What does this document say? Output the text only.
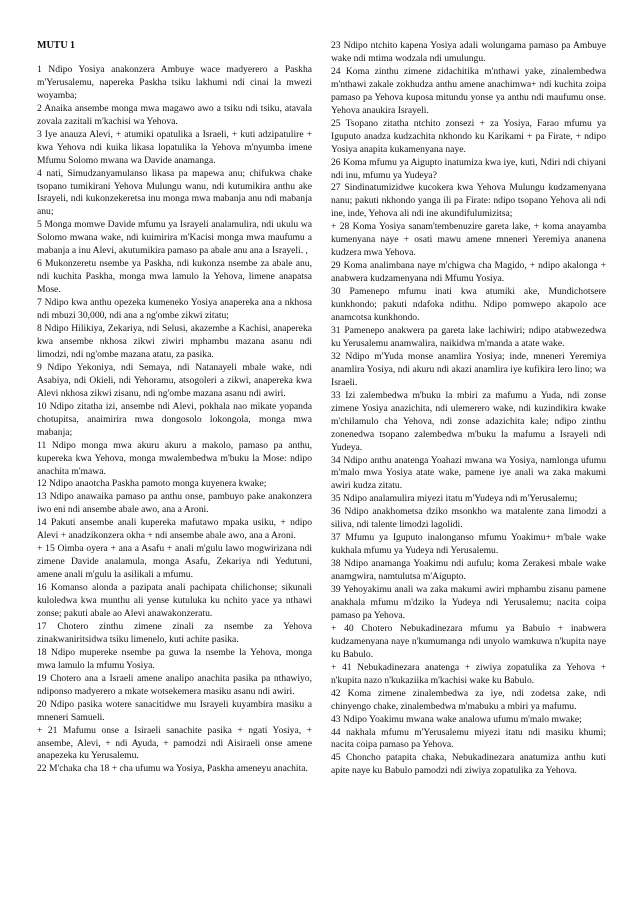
MUTU 1

1 Ndipo Yosiya anakonzera Ambuye wace madyerero a Paskha m'Yerusalemu, napereka Paskha tsiku lakhumi ndi cinai la mwezi woyamba;

2 Anaika ansembe monga mwa magawo awo a tsiku ndi tsiku, atavala zovala zazitali m'kachisi wa Yehova.

3 Iye anauza Alevi, + atumiki opatulika a Israeli, + kuti adzipatulire + kwa Yehova ndi kuika likasa lopatulika la Yehova m'nyumba imene Mfumu Solomo mwana wa Davide anamanga.

4 nati, Simudzanyamulanso likasa pa mapewa anu; chifukwa chake tsopano tumikirani Yehova Mulungu wanu, ndi kutumikira anthu ake Israyeli, ndi kukonzekeretsa inu monga mwa mabanja anu ndi mabanja anu;

5 Monga momwe Davide mfumu ya Israyeli analamulira, ndi ukulu wa Solomo mwana wake, ndi kuimirira m'Kacisi monga mwa maufumu a mabanja a inu Alevi, akutumikira pamaso pa abale anu ana a Israyeli. ,

6 Mukonzeretu nsembe ya Paskha, ndi kukonza nsembe za abale anu, ndi kuchita Paskha, monga mwa lamulo la Yehova, limene anapatsa Mose.

7 Ndipo kwa anthu opezeka kumeneko Yosiya anapereka ana a nkhosa ndi mbuzi 30,000, ndi ana a ng'ombe zikwi zitatu;

8 Ndipo Hilikiya, Zekariya, ndi Selusi, akazembe a Kachisi, anapereka kwa ansembe nkhosa zikwi ziwiri mphambu mazana asanu ndi limodzi, ndi ng'ombe mazana atatu, za pasika.

9 Ndipo Yekoniya, ndi Semaya, ndi Natanayeli mbale wake, ndi Asabiya, ndi Okieli, ndi Yehoramu, atsogoleri a zikwi, anapereka kwa Alevi nkhosa zikwi zisanu, ndi ng'ombe mazana asanu ndi awiri.

10 Ndipo zitatha izi, ansembe ndi Alevi, pokhala nao mikate yopanda chotupitsa, anaimirira mwa dongosolo lokongola, monga mwa mabanja;

11 Ndipo monga mwa akuru akuru a makolo, pamaso pa anthu, kupereka kwa Yehova, monga mwalembedwa m'buku la Mose: ndipo anachita m'mawa.

12 Ndipo anaotcha Paskha pamoto monga kuyenera kwake;

13 Ndipo anawaika pamaso pa anthu onse, pambuyo pake anakonzera iwo eni ndi ansembe abale awo, ana a Aroni.

14 Pakuti ansembe anali kupereka mafutawo mpaka usiku, + ndipo Alevi + anadzikonzera okha + ndi ansembe abale awo, ana a Aroni.

+ 15 Oimba oyera + ana a Asafu + anali m'gulu lawo mogwirizana ndi zimene Davide analamula, monga Asafu, Zekariya ndi Yedutuni, amene anali m'gulu la asilikali a mfumu.

16 Komanso alonda a pazipata anali pachipata chilichonse; sikunali kuloledwa kwa munthu ali yense kutuluka ku nchito yace ya nthawi zonse; pakuti abale ao Alevi anawakonzeratu.

17 Chotero zinthu zimene zinali za nsembe za Yehova zinakwaniritsidwa tsiku limenelo, kuti achite pasika.

18 Ndipo mupereke nsembe pa guwa la nsembe la Yehova, monga mwa lamulo la mfumu Yosiya.

19 Chotero ana a Israeli amene analipo anachita pasika pa nthawiyo, ndiponso madyerero a mkate wotsekemera masiku asanu ndi awiri.

20 Ndipo pasika wotere sanacitidwe mu Israyeli kuyambira masiku a mneneri Samueli.

+ 21 Mafumu onse a Isiraeli sanachite pasika + ngati Yosiya, + ansembe, Alevi, + ndi Ayuda, + pamodzi ndi Aisiraeli onse amene anapezeka ku Yerusalemu.

22 M'chaka cha 18 + cha ufumu wa Yosiya, Paskha ameneyu anachita.

23 Ndipo ntchito kapena Yosiya adali wolungama pamaso pa Ambuye wake ndi mtima wodzala ndi umulungu.

24 Koma zinthu zimene zidachitika m'nthawi yake, zinalembedwa m'nthawi zakale zokhudza anthu amene anachimwa+ ndi kuchita zoipa pamaso pa Yehova kuposa mitundu yonse ya anthu ndi maufumu onse. Yehova anaukira Israyeli.

25 Tsopano zitatha ntchito zonsezi + za Yosiya, Farao mfumu ya Iguputo anadza kudzachita nkhondo ku Karikami + pa Firate, + ndipo Yosiya anapita kukamenyana naye.

26 Koma mfumu ya Aigupto inatumiza kwa iye, kuti, Ndiri ndi chiyani ndi inu, mfumu ya Yudeya?

27 Sindinatumizidwe kucokera kwa Yehova Mulungu kudzamenyana nanu; pakuti nkhondo yanga ili pa Firate: ndipo tsopano Yehova ali ndi ine, inde, Yehova ali ndi ine akundifulumizitsa;

+ 28 Koma Yosiya sanam'tembenuzire gareta lake, + koma anayamba kumenyana naye + osati mawu amene mneneri Yeremiya ananena kudzera mwa Yehova.

29 Koma analimbana naye m'chigwa cha Magido, + ndipo akalonga + anabwera kudzamenyana ndi Mfumu Yosiya.

30 Pamenepo mfumu inati kwa atumiki ake, Mundichotsere kunkhondo; pakuti ndafoka ndithu. Ndipo pomwepo akapolo ace anamcotsa kunkhondo.

31 Pamenepo anakwera pa gareta lake lachiwiri; ndipo atabwezedwa ku Yerusalemu anamwalira, naikidwa m'manda a atate wake.

32 Ndipo m'Yuda monse anamlira Yosiya; inde, mneneri Yeremiya anamlira Yosiya, ndi akuru ndi akazi anamlira iye kufikira lero lino; wa Israeli.

33 Izi zalembedwa m'buku la mbiri za mafumu a Yuda, ndi zonse zimene Yosiya anazichita, ndi ulemerero wake, ndi kuzindikira kwake m'chilamulo cha Yehova, ndi zonse adazichita kale; ndipo zinthu zonenedwa tsopano zalembedwa m'buku la mafumu a Israyeli ndi Yudeya.

34 Ndipo anthu anatenga Yoahazi mwana wa Yosiya, namlonga ufumu m'malo mwa Yosiya atate wake, pamene iye anali wa zaka makumi awiri kudza zitatu.

35 Ndipo analamulira miyezi itatu m'Yudeya ndi m'Yerusalemu;

36 Ndipo anakhometsa dziko msonkho wa matalente zana limodzi a siliva, ndi talente limodzi lagolidi.

37 Mfumu ya Iguputo inalonganso mfumu Yoakimu+ m'bale wake kukhala mfumu ya Yudeya ndi Yerusalemu.

38 Ndipo anamanga Yoakimu ndi aufulu; koma Zerakesi mbale wake anamgwira, namtulutsa m'Aigupto.

39 Yehoyakimu anali wa zaka makumi awiri mphambu zisanu pamene anakhala mfumu m'dziko la Yudeya ndi Yerusalemu; nacita coipa pamaso pa Yehova.

+ 40 Chotero Nebukadinezara mfumu ya Babulo + inabwera kudzamenyana naye n'kumumanga ndi unyolo wamkuwa n'kupita naye ku Babulo.

+ 41 Nebukadinezara anatenga + ziwiya zopatulika za Yehova + n'kupita nazo n'kukaziika m'kachisi wake ku Babulo.

42 Koma zimene zinalembedwa za iye, ndi zodetsa zake, ndi chinyengo chake, zinalembedwa m'mabuku a mbiri ya mafumu.

43 Ndipo Yoakimu mwana wake analowa ufumu m'malo mwake;

44 nakhala mfumu m'Yerusalemu miyezi itatu ndi masiku khumi; nacita coipa pamaso pa Yehova.

45 Choncho patapita chaka, Nebukadinezara anatumiza anthu kuti apite naye ku Babulo pamodzi ndi ziwiya zopatulika za Yehova.
